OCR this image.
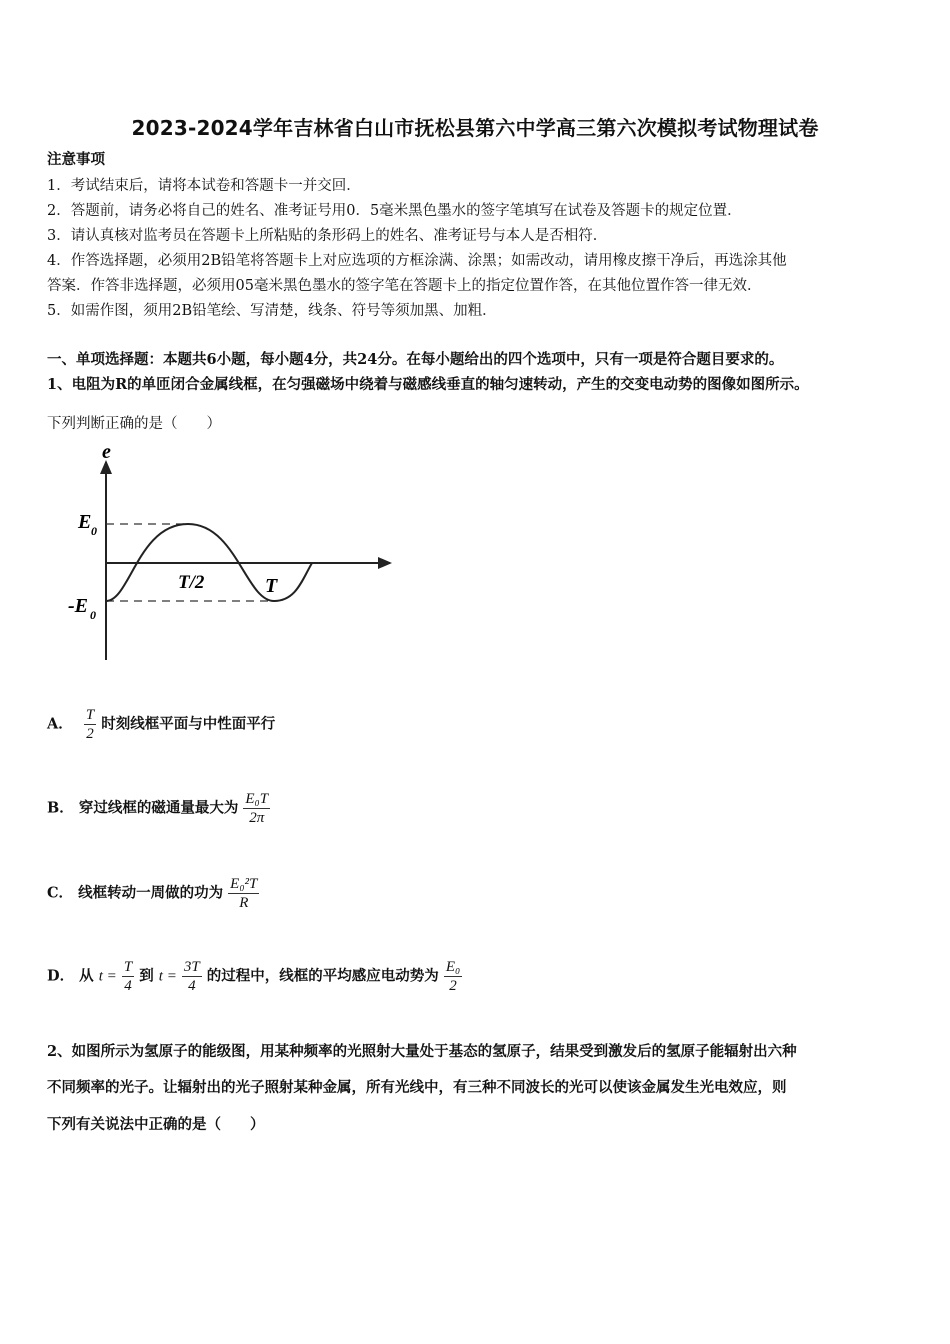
2023-2024学年吉林省白山市抚松县第六中学高三第六次模拟考试物理试卷
注意事项
1．考试结束后，请将本试卷和答题卡一并交回．
2．答题前，请务必将自己的姓名、准考证号用0．5毫米黑色墨水的签字笔填写在试卷及答题卡的规定位置．
3．请认真核对监考员在答题卡上所粘贴的条形码上的姓名、准考证号与本人是否相符．
4．作答选择题，必须用2B铅笔将答题卡上对应选项的方框涂满、涂黑；如需改动，请用橡皮擦干净后，再选涂其他
答案．作答非选择题，必须用05毫米黑色墨水的签字笔在答题卡上的指定位置作答，在其他位置作答一律无效．
5．如需作图，须用2B铅笔绘、写清楚，线条、符号等须加黑、加粗．
一、单项选择题：本题共6小题，每小题4分，共24分。在每小题给出的四个选项中，只有一项是符合题目要求的。
1、电阻为R的单匝闭合金属线框，在匀强磁场中绕着与磁感线垂直的轴匀速转动，产生的交变电动势的图像如图所示。
下列判断正确的是（　　）
e
E 0
-E 0
T/2	T
A． $\frac{T}{2}$ 时刻线框平面与中性面平行
B． 穿过线框的磁通量最大为 $\frac{\text{E₀T}}{2\pi}$
C． 线框转动一周做的功为 $\frac{\text{E₀²T}}{R}$
D． 从 $t = \frac{T}{4}$ 到 $t = \frac{3T}{4}$ 的过程中，线框的平均感应电动势为 $\frac{\text{E₀}}{2}$
2、如图所示为氢原子的能级图，用某种频率的光照射大量处于基态的氢原子，结果受到激发后的氢原子能辐射出六种
不同频率的光子。让辐射出的光子照射某种金属，所有光线中，有三种不同波长的光可以使该金属发生光电效应，则
下列有关说法中正确的是（　　）
